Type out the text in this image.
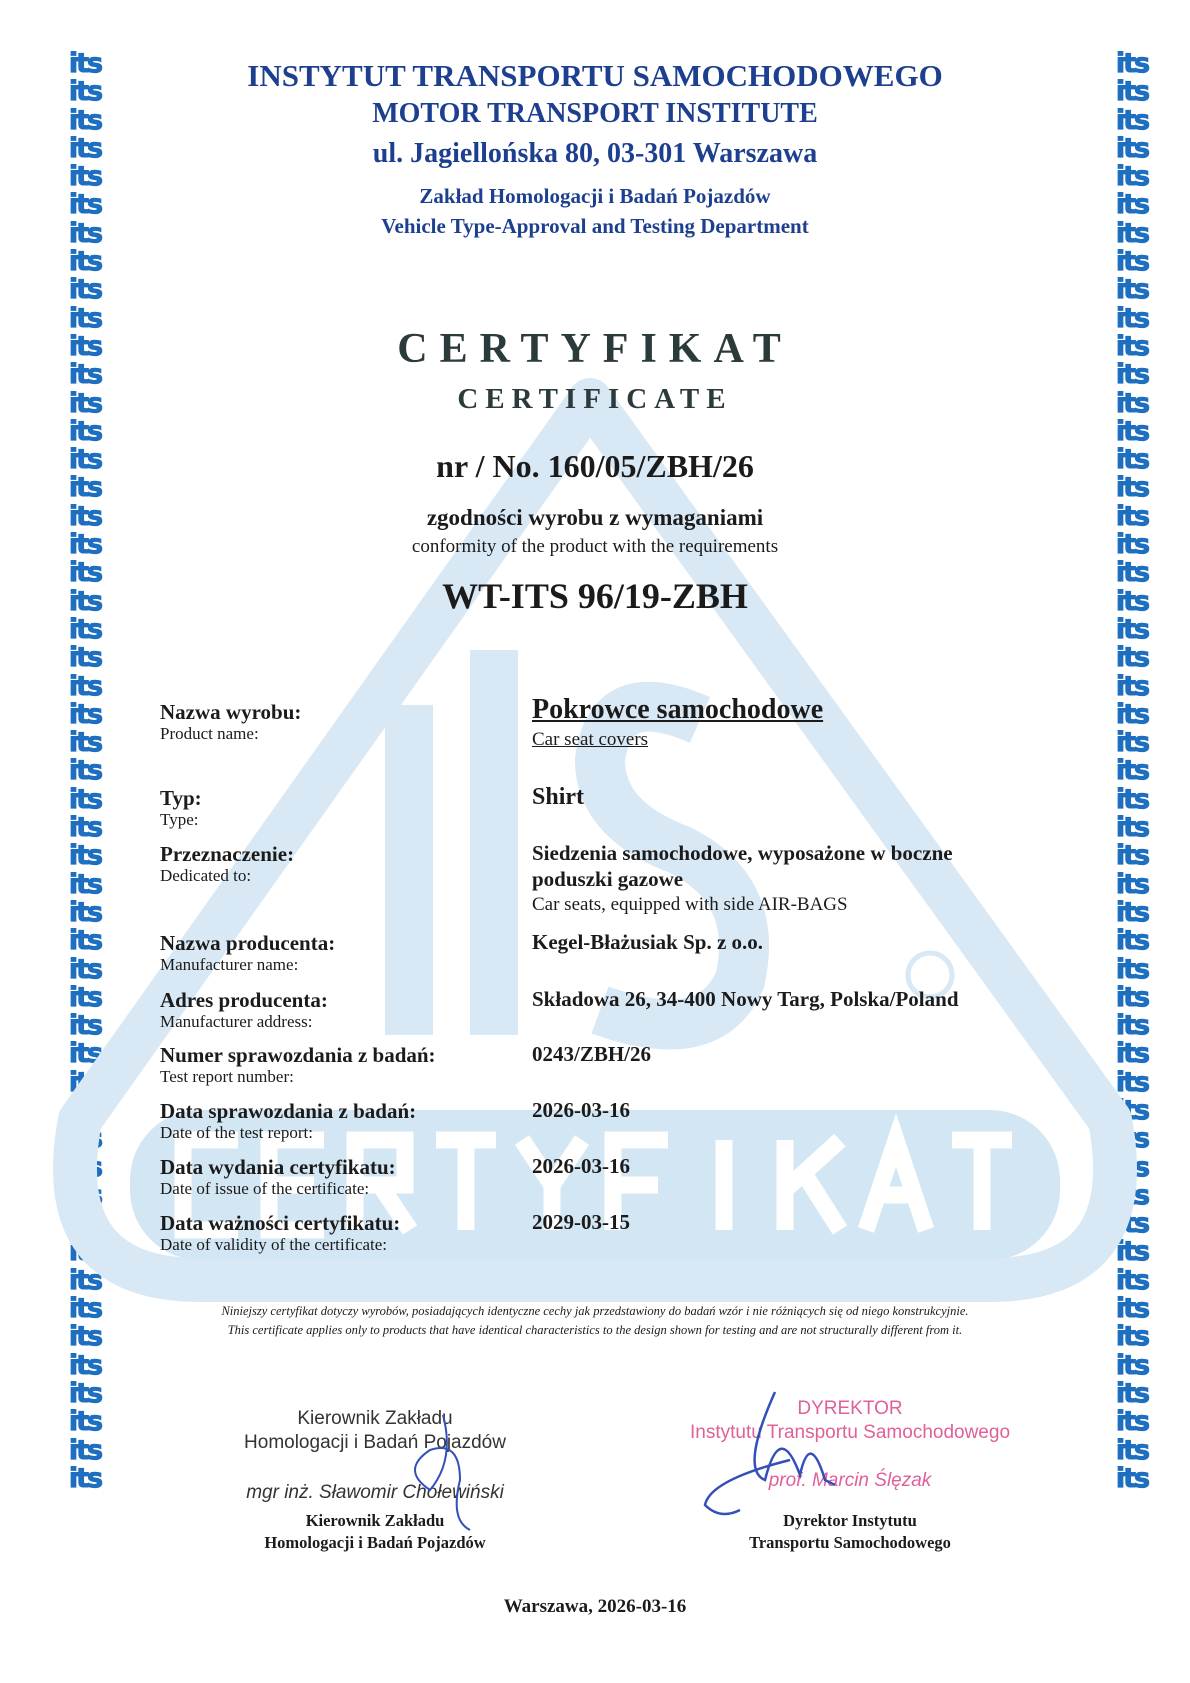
its
its
its
its
its
its
its
its
its
its
its
its
its
its
its
its
its
its
its
its
its
its
its
its
its
its
its
its
its
its
its
its
its
its
its
its
its
its
its
its
its
its
its
its
its
its
its
its
its
its
its
its
its
its
its
its
its
its
its
its
its
its
its
its
its
its
its
its
its
its
its
its
its
its
its
its
its
its
its
its
its
its
its
its
its
its
its
its
its
its
its
its
its
its
its
its
its
its
its
its
its
its
INSTYTUT TRANSPORTU SAMOCHODOWEGO
MOTOR TRANSPORT INSTITUTE
ul. Jagiellońska 80, 03-301 Warszawa
Zakład Homologacji i Badań Pojazdów
Vehicle Type-Approval and Testing Department
CERTYFIKAT
CERTIFICATE
nr / No. 160/05/ZBH/26
zgodności wyrobu z wymaganiami
conformity of the product with the requirements
WT-ITS 96/19-ZBH
Nazwa wyrobu:
Product name:
Pokrowce samochodowe
Car seat covers
Typ:
Type:
Shirt
Przeznaczenie:
Dedicated to:
Siedzenia samochodowe, wyposażone w boczne
poduszki gazowe
Car seats, equipped with side AIR-BAGS
Nazwa producenta:
Manufacturer name:
Kegel-Błażusiak Sp. z o.o.
Adres producenta:
Manufacturer address:
Składowa 26, 34-400 Nowy Targ, Polska/Poland
Numer sprawozdania z badań:
Test report number:
0243/ZBH/26
Data sprawozdania z badań:
Date of the test report:
2026-03-16
Data wydania certyfikatu:
Date of issue of the certificate:
2026-03-16
Data ważności certyfikatu:
Date of validity of the certificate:
2029-03-15
Niniejszy certyfikat dotyczy wyrobów, posiadających identyczne cechy jak przedstawiony do badań wzór i nie różniących się od niego konstrukcyjnie.
This certificate applies only to products that have identical characteristics to the design shown for testing and are not structurally different from it.
Kierownik Zakładu
Homologacji i Badań Pojazdów
mgr inż. Sławomir Chołewiński
Kierownik Zakładu
Homologacji i Badań Pojazdów
DYREKTOR
Instytutu Transportu Samochodowego
prof. Marcin Ślęzak
Dyrektor Instytutu
Transportu Samochodowego
Warszawa, 2026-03-16
